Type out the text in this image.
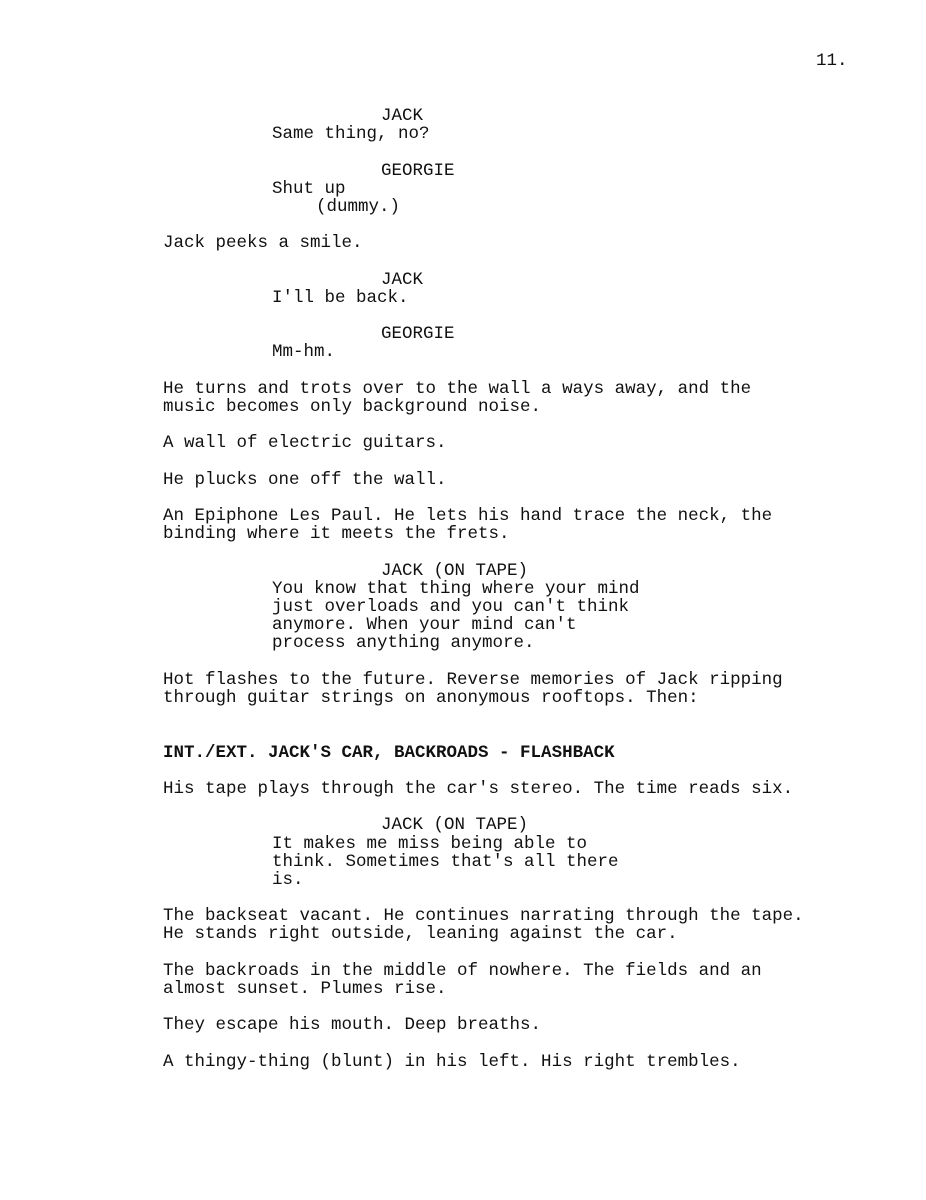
11.
JACK
Same thing, no?
GEORGIE
Shut up
(dummy.)
Jack peeks a smile.
JACK
I'll be back.
GEORGIE
Mm-hm.
He turns and trots over to the wall a ways away, and the
music becomes only background noise.
A wall of electric guitars.
He plucks one off the wall.
An Epiphone Les Paul. He lets his hand trace the neck, the
binding where it meets the frets.
JACK (ON TAPE)
You know that thing where your mind
just overloads and you can't think
anymore. When your mind can't
process anything anymore.
Hot flashes to the future. Reverse memories of Jack ripping
through guitar strings on anonymous rooftops. Then:
INT./EXT. JACK'S CAR, BACKROADS - FLASHBACK
His tape plays through the car's stereo. The time reads six.
JACK (ON TAPE)
It makes me miss being able to
think. Sometimes that's all there
is.
The backseat vacant. He continues narrating through the tape.
He stands right outside, leaning against the car.
The backroads in the middle of nowhere. The fields and an
almost sunset. Plumes rise.
They escape his mouth. Deep breaths.
A thingy-thing (blunt) in his left. His right trembles.
